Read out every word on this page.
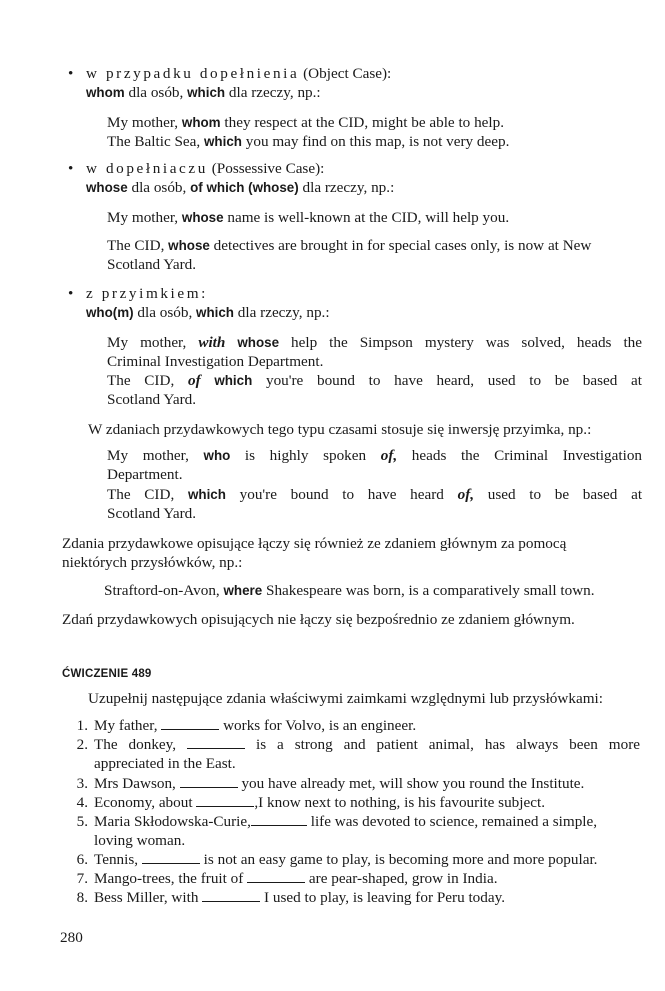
• w przypadku dopełnienia (Object Case):
whom dla osób, which dla rzeczy, np.:
My mother, whom they respect at the CID, might be able to help.
The Baltic Sea, which you may find on this map, is not very deep.
• w dopełniaczu (Possessive Case):
whose dla osób, of which (whose) dla rzeczy, np.:
My mother, whose name is well-known at the CID, will help you.
The CID, whose detectives are brought in for special cases only, is now at New
Scotland Yard.
• z przyimkiem:
who(m) dla osób, which dla rzeczy, np.:
My mother, with whose help the Simpson mystery was solved, heads the
Criminal Investigation Department.
The CID, of which you're bound to have heard, used to be based at
Scotland Yard.
W zdaniach przydawkowych tego typu czasami stosuje się inwersję przyimka, np.:
My mother, who is highly spoken of, heads the Criminal Investigation
Department.
The CID, which you're bound to have heard of, used to be based at
Scotland Yard.
Zdania przydawkowe opisujące łączy się również ze zdaniem głównym za pomocą
niektórych przysłówków, np.:
Straftord-on-Avon, where Shakespeare was born, is a comparatively small town.
Zdań przydawkowych opisujących nie łączy się bezpośrednio ze zdaniem głównym.
ĆWICZENIE 489
Uzupełnij następujące zdania właściwymi zaimkami względnymi lub przysłówkami:
1. My father,	works for Volvo, is an engineer.
2. The donkey,	is a strong and patient animal, has always been more
appreciated in the East.
3. Mrs Dawson,	you have already met, will show you round the Institute.
4. Economy, about	,I know next to nothing, is his favourite subject.
5. Maria Skłodowska-Curie,	life was devoted to science, remained a simple,
loving woman.
6. Tennis,	is not an easy game to play, is becoming more and more popular.
7. Mango-trees, the fruit of	are pear-shaped, grow in India.
8. Bess Miller, with	I used to play, is leaving for Peru today.
280
